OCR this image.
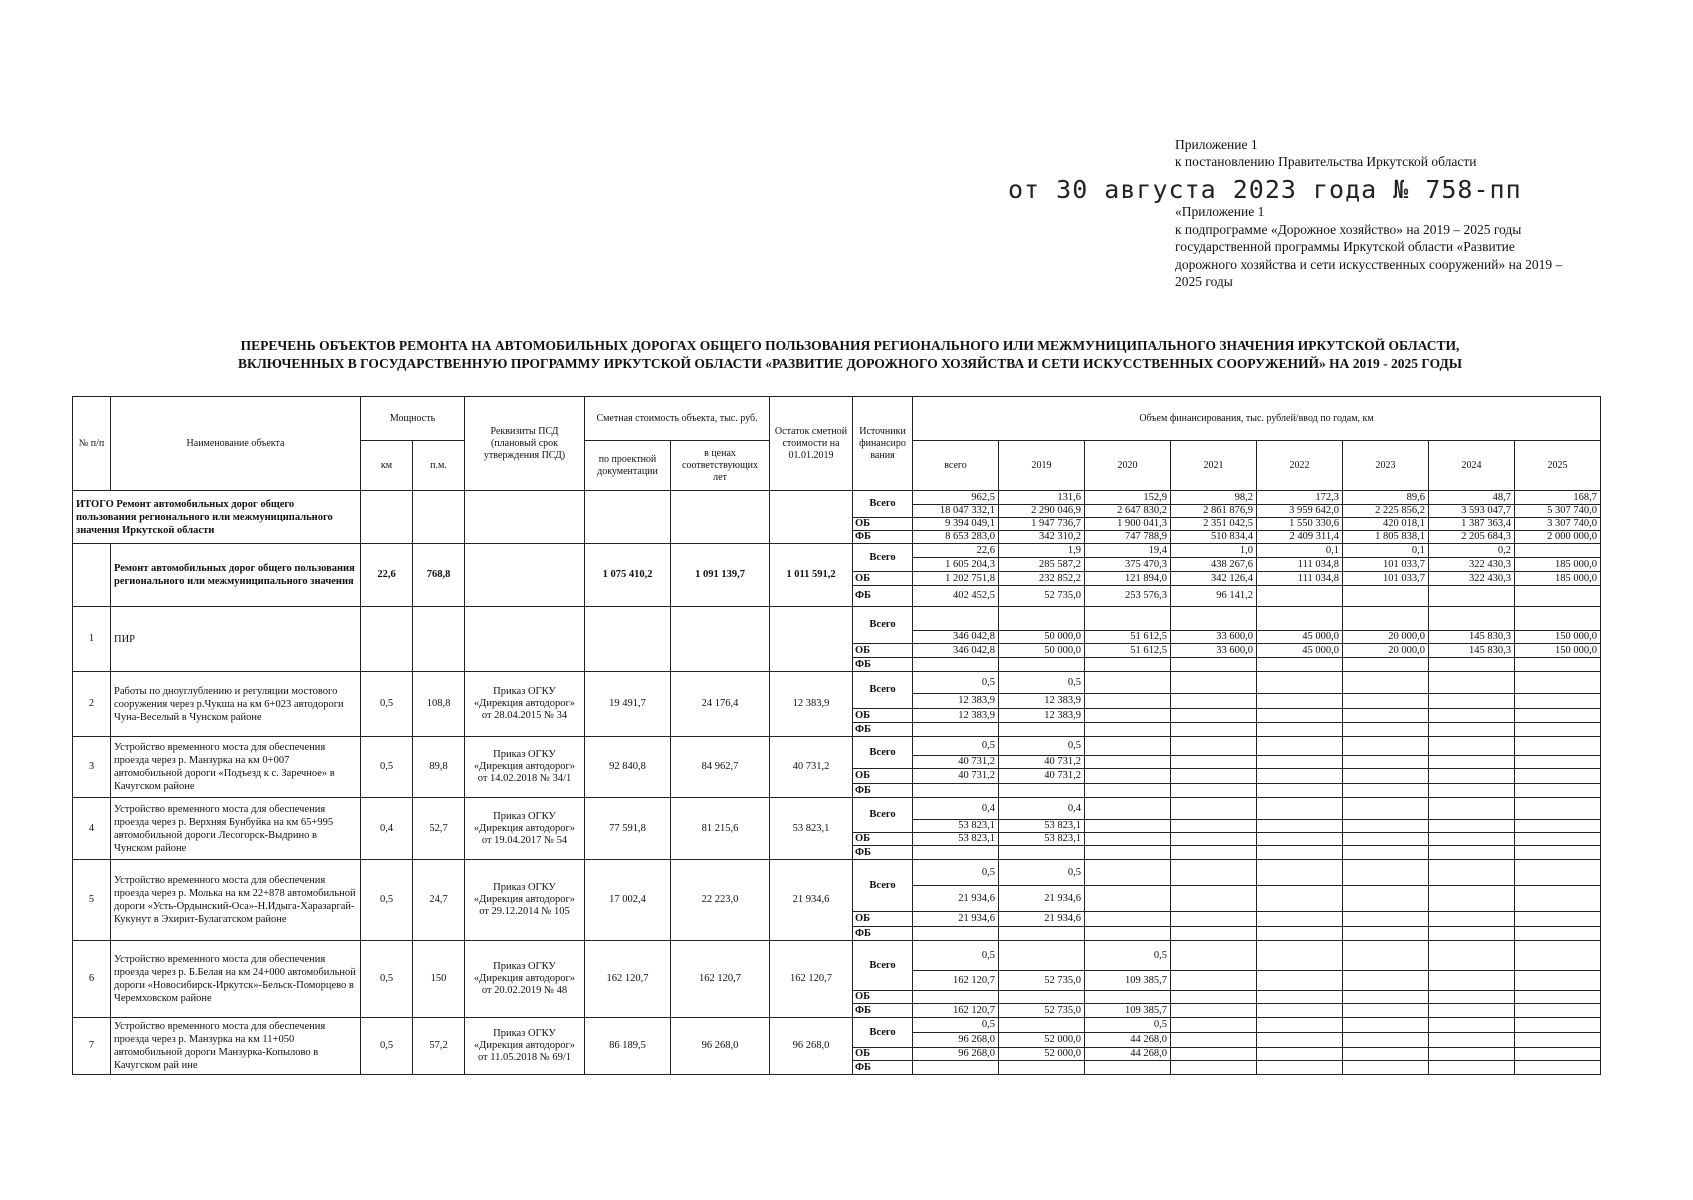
Приложение 1
к постановлению Правительства Иркутской области
от 30 августа 2023 года № 758-пп
«Приложение 1
к подпрограмме «Дорожное хозяйство» на 2019 – 2025 годы
государственной программы Иркутской области «Развитие
дорожного хозяйства и сети искусственных сооружений» на 2019 –
2025 годы
ПЕРЕЧЕНЬ ОБЪЕКТОВ РЕМОНТА НА АВТОМОБИЛЬНЫХ ДОРОГАХ ОБЩЕГО ПОЛЬЗОВАНИЯ РЕГИОНАЛЬНОГО ИЛИ МЕЖМУНИЦИПАЛЬНОГО ЗНАЧЕНИЯ ИРКУТСКОЙ ОБЛАСТИ,
ВКЛЮЧЕННЫХ В ГОСУДАРСТВЕННУЮ ПРОГРАММУ ИРКУТСКОЙ ОБЛАСТИ «РАЗВИТИЕ ДОРОЖНОГО ХОЗЯЙСТВА И СЕТИ ИСКУССТВЕННЫХ СООРУЖЕНИЙ» НА 2019 - 2025 ГОДЫ
№ п/п	Наименование объекта	Мощность		Реквизиты ПСД (плановый срок утверждения ПСД)	Сметная стоимость объекта, тыс. руб.		Остаток сметной стоимости на 01.01.2019	Источники финансиро вания	Объем финансирования, тыс. рублей/ввод по годам, км							
		км	п.м.		по проектной документации	в ценах соответствующих лет			всего	2019	2020	2021	2022	2023	2024	2025
ИТОГО Ремонт автомобильных дорог общего пользования регионального или межмуниципального значения Иркутской области								Всего	962,5	131,6	152,9	98,2	172,3	89,6	48,7	168,7
									18 047 332,1	2 290 046,9	2 647 830,2	2 861 876,9	3 959 642,0	2 225 856,2	3 593 047,7	5 307 740,0
								ОБ	9 394 049,1	1 947 736,7	1 900 041,3	2 351 042,5	1 550 330,6	420 018,1	1 387 363,4	3 307 740,0
								ФБ	8 653 283,0	342 310,2	747 788,9	510 834,4	2 409 311,4	1 805 838,1	2 205 684,3	2 000 000,0
	Ремонт автомобильных дорог общего пользования регионального или межмуниципального значения	22,6	768,8		1 075 410,2	1 091 139,7	1 011 591,2	Всего	22,6	1,9	19,4	1,0	0,1	0,1	0,2	
									1 605 204,3	285 587,2	375 470,3	438 267,6	111 034,8	101 033,7	322 430,3	185 000,0
								ОБ	1 202 751,8	232 852,2	121 894,0	342 126,4	111 034,8	101 033,7	322 430,3	185 000,0
								ФБ	402 452,5	52 735,0	253 576,3	96 141,2				
1	ПИР							Всего								
									346 042,8	50 000,0	51 612,5	33 600,0	45 000,0	20 000,0	145 830,3	150 000,0
								ОБ	346 042,8	50 000,0	51 612,5	33 600,0	45 000,0	20 000,0	145 830,3	150 000,0
								ФБ								
2	Работы по дноуглублению и регуляции мостового сооружения через р.Чукша на км 6+023 автодороги Чуна-Веселый в Чунском районе	0,5	108,8	Приказ ОГКУ «Дирекция автодорог» от 28.04.2015 № 34	19 491,7	24 176,4	12 383,9	Всего	0,5	0,5						
									12 383,9	12 383,9						
								ОБ	12 383,9	12 383,9						
								ФБ								
3	Устройство временного моста для обеспечения проезда через р. Манзурка на км 0+007 автомобильной дороги «Подъезд к с. Заречное» в Качугском районе	0,5	89,8	Приказ ОГКУ «Дирекция автодорог» от 14.02.2018 № 34/1	92 840,8	84 962,7	40 731,2	Всего	0,5	0,5						
									40 731,2	40 731,2						
								ОБ	40 731,2	40 731,2						
								ФБ								
4	Устройство временного моста для обеспечения проезда через р. Верхняя Бунбуйка на км 65+995 автомобильной дороги Лесогорск-Выдрино в Чунском районе	0,4	52,7	Приказ ОГКУ «Дирекция автодорог» от 19.04.2017 № 54	77 591,8	81 215,6	53 823,1	Всего	0,4	0,4						
									53 823,1	53 823,1						
								ОБ	53 823,1	53 823,1						
								ФБ								
5	Устройство временного моста для обеспечения проезда через р. Молька на км 22+878 автомобильной дороги «Усть-Ордынский-Оса»-Н.Идыга-Харазаргай-Кукунут в Эхирит-Булагатском районе	0,5	24,7	Приказ ОГКУ «Дирекция автодорог» от 29.12.2014 № 105	17 002,4	22 223,0	21 934,6	Всего	0,5	0,5						
									21 934,6	21 934,6						
								ОБ	21 934,6	21 934,6						
								ФБ								
6	Устройство временного моста для обеспечения проезда через р. Б.Белая на км 24+000 автомобильной дороги «Новосибирск-Иркутск»-Бельск-Поморцево в Черемховском районе	0,5	150	Приказ ОГКУ «Дирекция автодорог» от 20.02.2019 № 48	162 120,7	162 120,7	162 120,7	Всего	0,5		0,5					
									162 120,7	52 735,0	109 385,7					
								ОБ								
								ФБ	162 120,7	52 735,0	109 385,7					
7	Устройство временного моста для обеспечения проезда через р. Манзурка на км 11+050 автомобильной дороги Манзурка-Копылово в Качугском рай ине	0,5	57,2	Приказ ОГКУ «Дирекция автодорог» от 11.05.2018 № 69/1	86 189,5	96 268,0	96 268,0	Всего	0,5		0,5					
									96 268,0	52 000,0	44 268,0					
								ОБ	96 268,0	52 000,0	44 268,0					
								ФБ								
